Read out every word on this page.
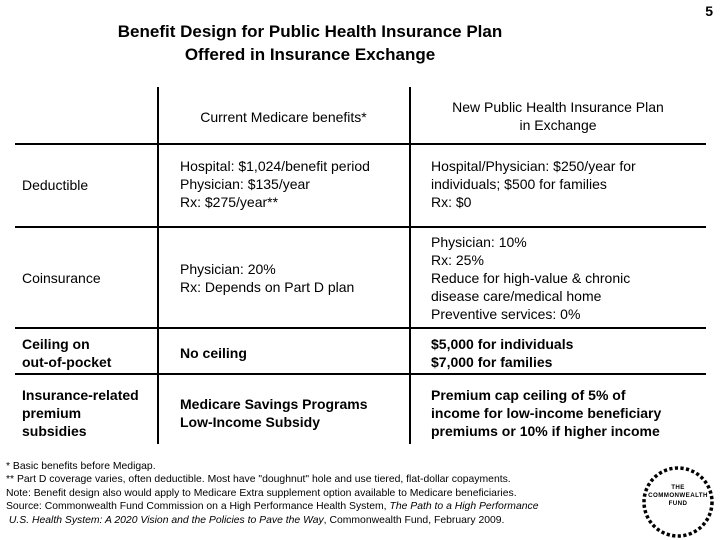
5
Benefit Design for Public Health Insurance Plan
Offered in Insurance Exchange
Current Medicare benefits*
New Public Health Insurance Plan
in Exchange
Deductible
Hospital: $1,024/benefit period
Physician: $135/year
Rx: $275/year**
Hospital/Physician: $250/year for
individuals; $500 for families
Rx: $0
Coinsurance
Physician: 20%
Rx: Depends on Part D plan
Physician: 10%
Rx: 25%
Reduce for high-value & chronic
disease care/medical home
Preventive services: 0%
Ceiling on
out-of-pocket
No ceiling
$5,000 for individuals
$7,000 for families
Insurance-related
premium
subsidies
Medicare Savings Programs
Low-Income Subsidy
Premium cap ceiling of 5% of
income for low-income beneficiary
premiums or 10% if higher income
* Basic benefits before Medigap.
** Part D coverage varies, often deductible. Most have "doughnut" hole and use tiered, flat-dollar copayments.
Note: Benefit design also would apply to Medicare Extra supplement option available to Medicare beneficiaries.
Source: Commonwealth Fund Commission on a High Performance Health System, The Path to a High Performance
U.S. Health System: A 2020 Vision and the Policies to Pave the Way, Commonwealth Fund, February 2009.
THE
COMMONWEALTH
FUND
